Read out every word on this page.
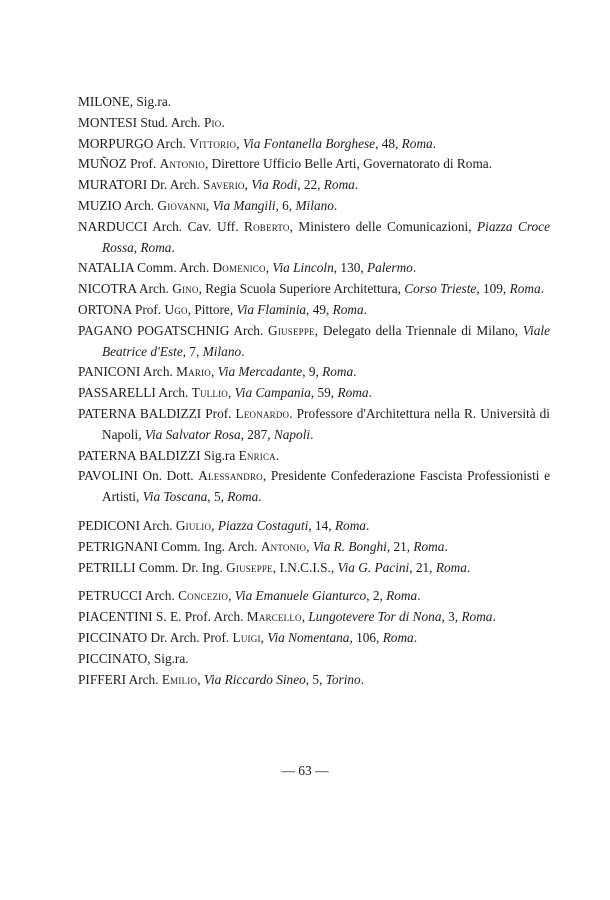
MILONE, Sig.ra.

MONTESI Stud. Arch. Pio.

MORPURGO Arch. Vittorio, Via Fontanella Borghese, 48, Roma.

MUÑOZ Prof. Antonio, Direttore Ufficio Belle Arti, Governatorato di Roma.

MURATORI Dr. Arch. Saverio, Via Rodi, 22, Roma.

MUZIO Arch. Giovanni, Via Mangili, 6, Milano.

NARDUCCI Arch. Cav. Uff. Roberto, Ministero delle Comunicazioni, Piazza Croce Rossa, Roma.

NATALIA Comm. Arch. Domenico, Via Lincoln, 130, Palermo.

NICOTRA Arch. Gino, Regia Scuola Superiore Architettura, Corso Trieste, 109, Roma.

ORTONA Prof. Ugo, Pittore, Via Flaminia, 49, Roma.

PAGANO POGATSCHNIG Arch. Giuseppe, Delegato della Triennale di Milano, Viale Beatrice d'Este, 7, Milano.

PANICONI Arch. Mario, Via Mercadante, 9, Roma.

PASSARELLI Arch. Tullio, Via Campania, 59, Roma.

PATERNA BALDIZZI Prof. Leonardo. Professore d'Architettura nella R. Università di Napoli, Via Salvator Rosa, 287, Napoli.

PATERNA BALDIZZI Sig.ra Enrica.

PAVOLINI On. Dott. Alessandro, Presidente Confederazione Fascista Professionisti e Artisti, Via Toscana, 5, Roma.

PEDICONI Arch. Giulio, Piazza Costaguti, 14, Roma.

PETRIGNANI Comm. Ing. Arch. Antonio, Via R. Bonghi, 21, Roma.

PETRILLI Comm. Dr. Ing. Giuseppe, I.N.C.I.S., Via G. Pacini, 21, Roma.

PETRUCCI Arch. Concezio, Via Emanuele Gianturco, 2, Roma.

PIACENTINI S. E. Prof. Arch. Marcello, Lungotevere Tor di Nona, 3, Roma.

PICCINATO Dr. Arch. Prof. Luigi, Via Nomentana, 106, Roma.

PICCINATO, Sig.ra.

PIFFERI Arch. Emilio, Via Riccardo Sineo, 5, Torino.

— 63 —
